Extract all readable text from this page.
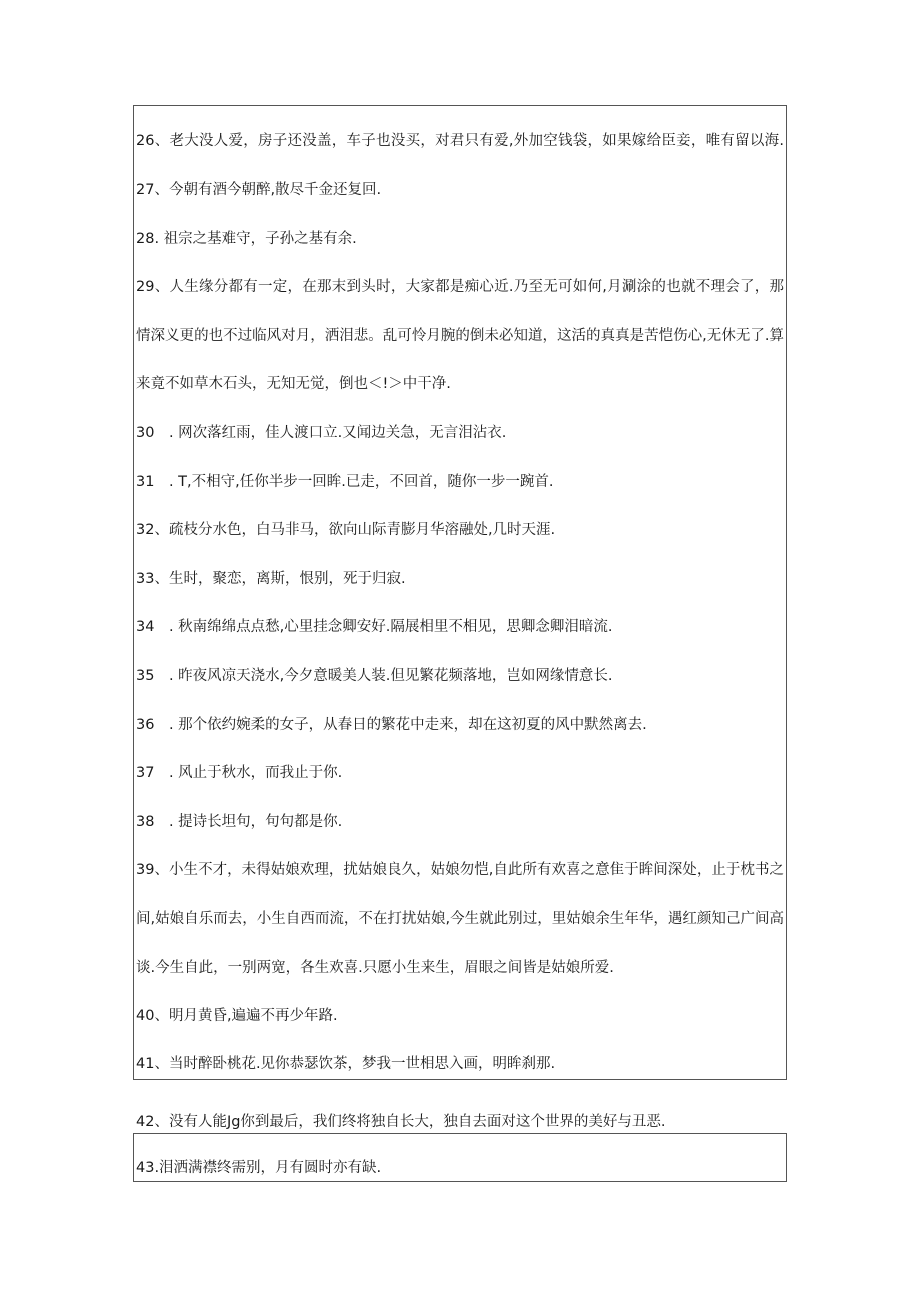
26、老大没人爱，房子还没盖，车子也没买，对君只有爱,外加空钱袋，如果嫁给臣妾，唯有留以海.
27、今朝有酒今朝醉,散尽千金还复回.
28. 祖宗之基难守，子孙之基有余.
29、人生缘分都有一定，在那末到头时，大家都是痴心近.乃至无可如何,月涮涂的也就不理会了，那
情深义更的也不过临风对月，洒泪悲。乱可怜月腕的倒未必知道，这活的真真是苦恺伤心,无休无了.算
来竟不如草木石头，无知无觉，倒也＜!＞中干净.
30　. 网次落红雨，佳人渡口立.又闻边关急，无言泪沾衣.
31　. T,不相守,任你半步一回眸.已走，不回首，随你一步一踠首.
32、疏枝分水色，白马非马，欲向山际青膨月华溶融处,几时天涯.
33、生时，聚恋，离斯，恨别，死于归寂.
34　. 秋南绵绵点点愁,心里挂念卿安好.隔展相里不相见，思卿念卿泪暗流.
35　. 昨夜风凉天浇水,今夕意暖美人装.但见繁花频落地，岂如网缘情意长.
36　. 那个依约婉柔的女子，从春日的繁花中走来，却在这初夏的风中默然离去.
37　. 风止于秋水，而我止于你.
38　. 提诗长坦句，句句都是你.
39、小生不才，未得姑娘欢理，扰姑娘良久，姑娘勿恺,自此所有欢喜之意隹于眸间深处，止于枕书之
间,姑娘自乐而去，小生自西而流，不在打扰姑娘,今生就此别过，里姑娘余生年华，遇红颜知己广间高
谈.今生自此，一别两宽，各生欢喜.只愿小生来生，眉眼之间皆是姑娘所爱.
40、明月黄昏,遍遍不再少年路.
41、当时醉卧桃花.见你恭瑟饮茶，梦我一世相思入画，明眸刹那.
42、没有人能Jg你到最后，我们终将独自长大，独自去面对这个世界的美好与丑恶.
43.泪洒满襟终需别，月有圆时亦有缺.
